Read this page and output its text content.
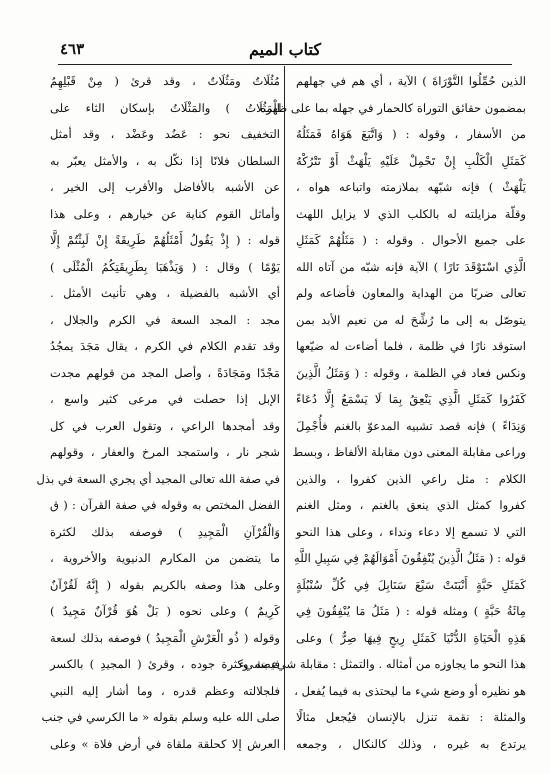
٤٦٣	كتاب الميم
الذين حُمِّلُوا التَّوْرَاةَ ) الآية ، أي هم في جهلهم
بمضمون حقائق التوراة كالحمار في جهله بما على ظهره
من الأسفار ، وقوله : ( وَاتَّبَعَ هَوَاهُ فَمَثَلُهُ
كَمَثَلِ الْكَلْبِ إِنْ تَحْمِلْ عَلَيْهِ يَلْهَثْ أَوْ تَتْرُكْهُ
يَلْهَثْ ) فإنه شبّهه بملازمته واتباعه هواه ،
وقلّة مزايلته له بالكلب الذي لا يزايل اللهث
على جميع الأحوال . وقوله : ( مَثَلُهُمْ كَمَثَلِ
الَّذِي اسْتَوْقَدَ نَارًا ) الآية فإنه شبّه من آتاه الله
تعالى ضربًا من الهداية والمعاون فأضاعه ولم
يتوصّل به إلى ما رُشِّحَ له من نعيم الأبد بمن
استوقد نارًا في ظلمة ، فلما أضاءت له ضيّعها
ونكس فعاد في الظلمة ، وقوله : ( وَمَثَلُ الَّذِينَ
كَفَرُوا كَمَثَلِ الَّذِي يَنْعِقُ بِمَا لَا يَسْمَعُ إِلَّا دُعَاءً
وَنِدَاءً ) فإنه قصد تشبيه المدعوّ بالغنم فأُجْمِلَ
وراعى مقابلة المعنى دون مقابلة الألفاظ ، وبسط
الكلام : مثل راعي الذين كفروا ، والذين
كفروا كمثل الذي ينعق بالغنم ، ومثل الغنم
التي لا تسمع إلا دعاء ونداء ، وعلى هذا النحو
قوله : ( مَثَلُ الَّذِينَ يُنْفِقُونَ أَمْوَالَهُمْ فِي سَبِيلِ اللَّهِ
كَمَثَلِ حَبَّةٍ أَنْبَتَتْ سَبْعَ سَنَابِلَ فِي كُلِّ سُنْبُلَةٍ
مِائَةُ حَبَّةٍ ) ومثله قوله : ( مَثَلُ مَا يُنْفِقُونَ فِي
هَذِهِ الْحَيَاةِ الدُّنْيَا كَمَثَلِ رِيحٍ فِيهَا صِرٌّ ) وعلى
هذا النحو ما يجاوزه من أمثاله . والتمثل : مقابلة شيء بشيء
هو نظيره أو وضع شيء ما ليحتذى به فيما يُفعل ،
والمثلة : نقمة تنزل بالإنسان فيُجعل مثالًا
يرتدع به غيره ، وذلك كالنكال ، وجمعه
مُثُلَاتٌ ومَثُلَاتٌ ، وقد قرئ ( مِنْ قَبْلِهِمُ
الْمَثُلَاتُ ) والمَثْلَاتُ بإسكان الثاء على
التخفيف نحو : عَضُد وعَضْد ، وقد أمثل
السلطان فلانًا إذا نكّل به ، والأمثل يعبّر به
عن الأشبه بالأفاضل والأقرب إلى الخير ،
وأماثل القوم كناية عن خيارهم ، وعلى هذا
قوله : ( إِذْ يَقُولُ أَمْثَلُهُمْ طَرِيقَةً إِنْ لَبِثْتُمْ إِلَّا
يَوْمًا ) وقال : ( وَيَذْهَبَا بِطَرِيقَتِكُمُ الْمُثْلَى )
أي الأشبه بالفضيلة ، وهي تأنيث الأمثل .
مجد : المجد السعة في الكرم والجلال ،
وقد تقدم الكلام في الكرم ، يقال مَجَدَ يمجُدُ
مَجْدًا ومَجَادَةً ، وأصل المجد من قولهم مجدت
الإبل إذا حصلت في مرعى كثير واسع ،
وقد أمجدها الراعي ، وتقول العرب في كل
شجر نار ، واستمجد المرخ والعفار ، وقولهم
في صفة الله تعالى المجيد أي يجري السعة في بذل
الفضل المختص به وقوله في صفة القرآن : ( ق
وَالْقُرْآنِ الْمَجِيدِ ) فوصفه بذلك لكثرة
ما يتضمن من المكارم الدنيوية والأخروية ،
وعلى هذا وصفه بالكريم بقوله ( إِنَّهُ لَقُرْآنٌ
كَرِيمٌ ) وعلى نحوه ( بَلْ هُوَ قُرْآنٌ مَجِيدٌ )
وقوله ( ذُو الْعَرْشِ الْمَجِيدُ ) فوصفه بذلك لسعة
فيضه وكثرة جوده ، وقرئ ( المجيدِ ) بالكسر
فلجلالته وعظم قدره ، وما أشار إليه النبي
صلى الله عليه وسلم بقوله « ما الكرسي في جنب
العرش إلا كحلقة ملقاة في أرض فلاة » وعلى
